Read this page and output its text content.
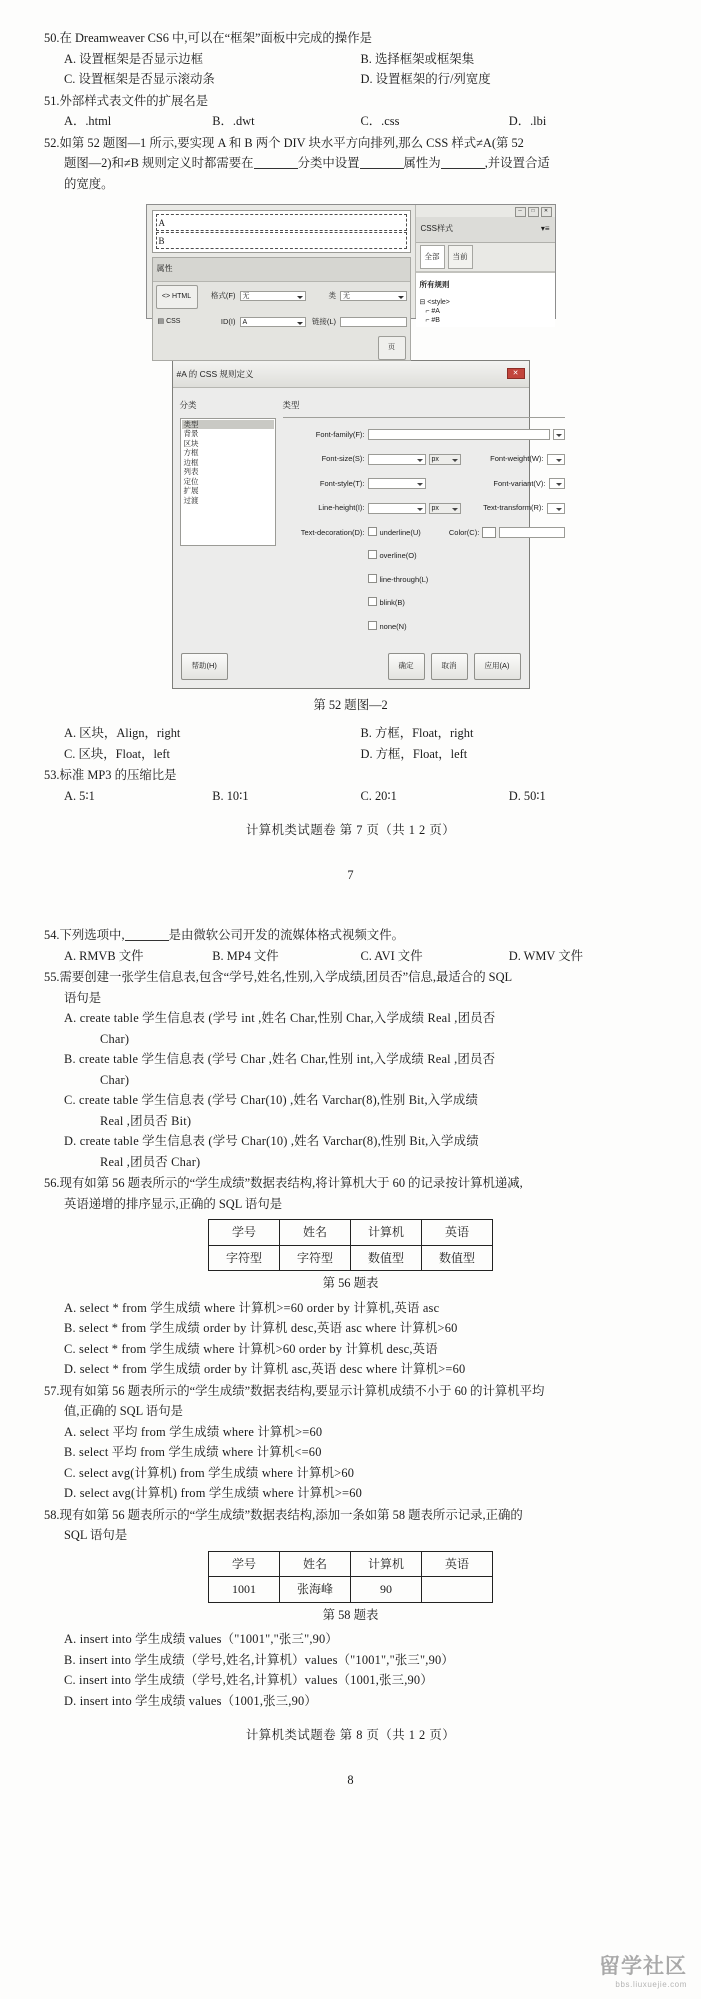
50. 在 Dreamweaver CS6 中,可以在“框架”面板中完成的操作是
A. 设置框架是否显示边框	B. 选择框架或框架集
C. 设置框架是否显示滚动条	D. 设置框架的行/列宽度
51. 外部样式表文件的扩展名是
A．.html	B．.dwt	C．.css	D．.lbi
52. 如第 52 题图—1 所示,要实现 A 和 B 两个 DIV 块水平方向排列,那么 CSS 样式≠A(第 52
题图—2)和≠B 规则定义时都需要在	分类中设置	属性为	,并设置合适
的宽度。
A
B
属性
<> HTML
▤ CSS
格式(F)	无	类	无
ID(I)	A	链接(L)
页
─	□	✕
CSS样式	▾≡
全部	当前
所有规则
⊟ <style>
⌐ #A
⌐ #B
#A 的 CSS 规则定义	✕
分类
类型
背景
区块
方框
边框
列表
定位
扩展
过渡
类型
Font-family(F):
Font-size(S):	px	Font-weight(W):
Font-style(T):	Font-variant(V):
Line-height(I):	px	Text-transform(R):
Text-decoration(D):	underline(U)
overline(O)
line-through(L)
blink(B)
none(N)
Color(C):
帮助(H)	确定	取消	应用(A)
第 52 题图—2
A. 区块，Align，right	B. 方框，Float，right
C. 区块，Float，left	D. 方框，Float，left
53. 标准 MP3 的压缩比是
A. 5∶1	B. 10∶1	C. 20∶1	D. 50∶1
计算机类试题卷 第 7 页（共 1 2 页）
7
54. 下列选项中,	是由微软公司开发的流媒体格式视频文件。
A. RMVB 文件	B. MP4 文件	C. AVI 文件	D. WMV 文件
55. 需要创建一张学生信息表,包含“学号,姓名,性别,入学成绩,团员否”信息,最适合的 SQL
语句是
A. create table 学生信息表 (学号 int ,姓名 Char,性别 Char,入学成绩 Real ,团员否
Char)
B. create table 学生信息表 (学号 Char ,姓名 Char,性别 int,入学成绩 Real ,团员否
Char)
C. create table 学生信息表 (学号 Char(10) ,姓名 Varchar(8),性别 Bit,入学成绩
Real ,团员否 Bit)
D. create table 学生信息表 (学号 Char(10) ,姓名 Varchar(8),性别 Bit,入学成绩
Real ,团员否 Char)
56. 现有如第 56 题表所示的“学生成绩”数据表结构,将计算机大于 60 的记录按计算机递减,
英语递增的排序显示,正确的 SQL 语句是
学号	姓名	计算机	英语
字符型	字符型	数值型	数值型
第 56 题表
A. select * from 学生成绩 where 计算机>=60 order by 计算机,英语 asc
B. select * from 学生成绩 order by 计算机 desc,英语 asc where 计算机>60
C. select * from 学生成绩 where 计算机>60 order by 计算机 desc,英语
D. select * from 学生成绩 order by 计算机 asc,英语 desc where 计算机>=60
57. 现有如第 56 题表所示的“学生成绩”数据表结构,要显示计算机成绩不小于 60 的计算机平均
值,正确的 SQL 语句是
A. select 平均 from 学生成绩 where 计算机>=60
B. select 平均 from 学生成绩 where 计算机<=60
C. select avg(计算机) from 学生成绩 where 计算机>60
D. select avg(计算机) from 学生成绩 where 计算机>=60
58. 现有如第 56 题表所示的“学生成绩”数据表结构,添加一条如第 58 题表所示记录,正确的
SQL 语句是
学号	姓名	计算机	英语
1001	张海峰	90	
第 58 题表
A. insert into 学生成绩 values（"1001","张三",90）
B. insert into 学生成绩（学号,姓名,计算机）values（"1001","张三",90）
C. insert into 学生成绩（学号,姓名,计算机）values（1001,张三,90）
D. insert into 学生成绩 values（1001,张三,90）
计算机类试题卷 第 8 页（共 1 2 页）
8
留学社区
bbs.liuxuejie.com
